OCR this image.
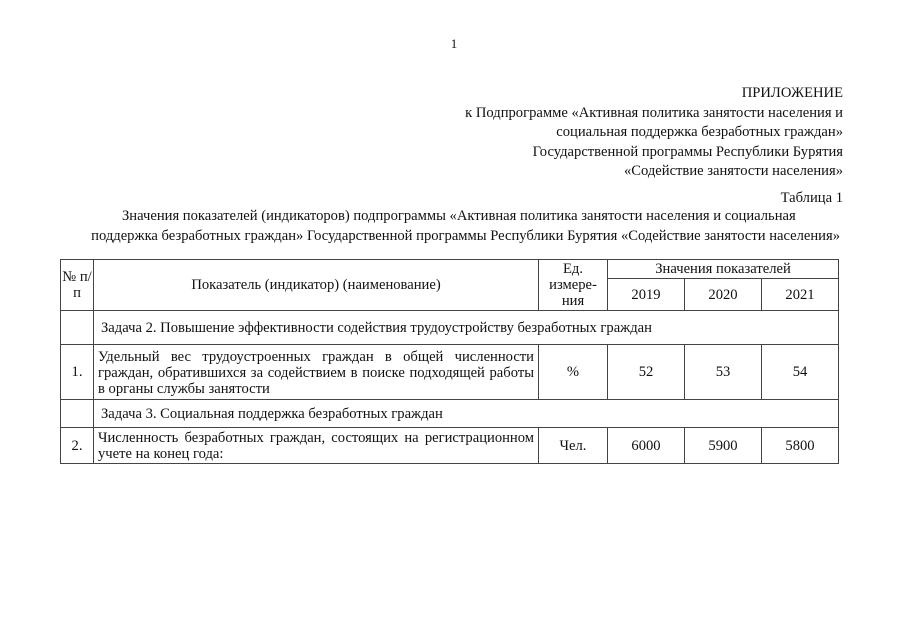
1
ПРИЛОЖЕНИЕ
к Подпрограмме «Активная политика занятости населения и
социальная поддержка безработных граждан»
Государственной программы Республики Бурятия
«Содействие занятости населения»
Таблица 1
Значения показателей (индикаторов) подпрограммы «Активная политика занятости населения и социальная
поддержка безработных граждан» Государственной программы Республики Бурятия «Содействие занятости населения»
№ п/п	Показатель (индикатор) (наименование)	Ед. измере-ния	Значения показателей		
			2019	2020	2021
	Задача 2. Повышение эффективности содействия трудоустройству безработных граждан				
1.	Удельный вес трудоустроенных граждан в общей численности граждан, обратившихся за содействием в поиске подходящей работы в органы службы занятости	%	52	53	54
	Задача 3. Социальная поддержка безработных граждан				
2.	Численность безработных граждан, состоящих на регистрационном учете на конец года:	Чел.	6000	5900	5800
